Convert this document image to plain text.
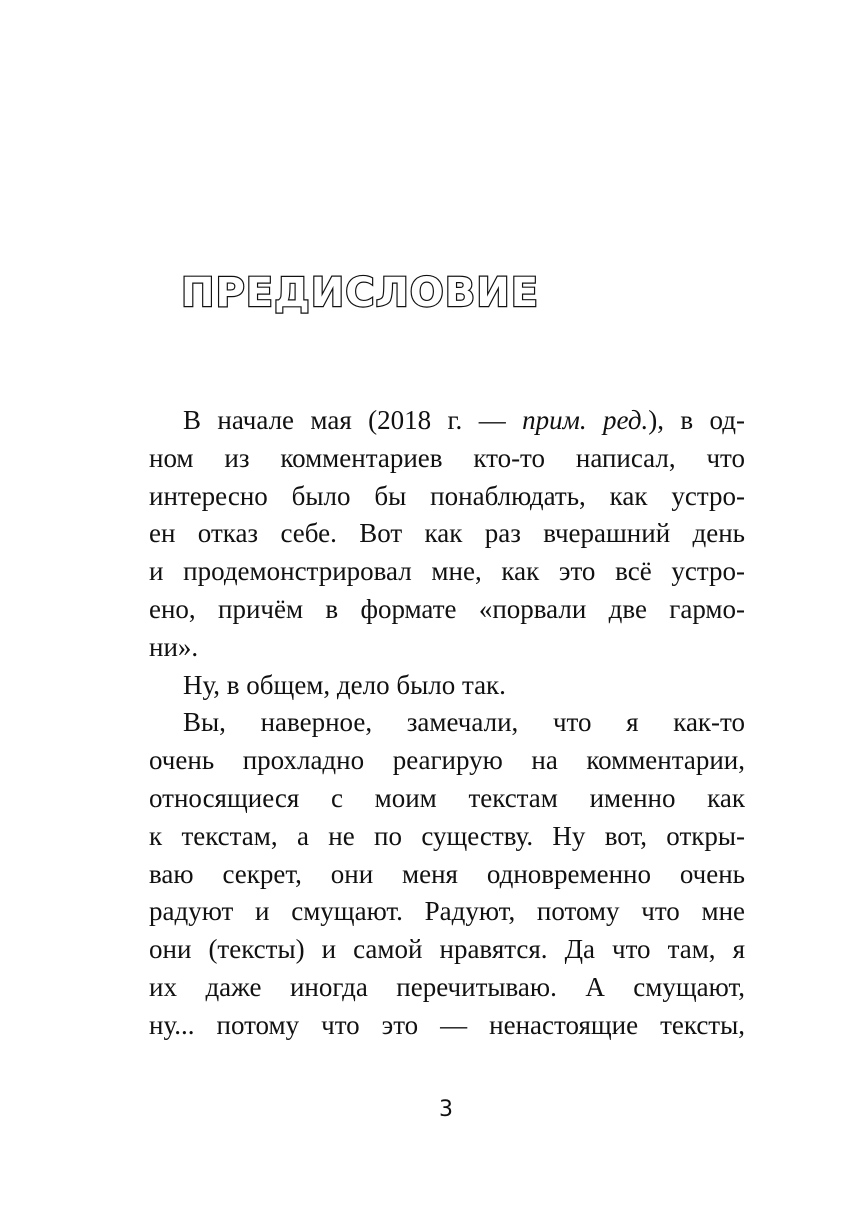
ПРЕДИСЛОВИЕ
В начале мая (2018 г. — прим. ред.), в од-
ном из комментариев кто-то написал, что
интересно было бы понаблюдать, как устро-
ен отказ себе. Вот как раз вчерашний день
и продемонстрировал мне, как это всё устро-
ено, причём в формате «порвали две гармо-
ни».
Ну, в общем, дело было так.
Вы, наверное, замечали, что я как-то
очень прохладно реагирую на комментарии,
относящиеся с моим текстам именно как
к текстам, а не по существу. Ну вот, откры-
ваю секрет, они меня одновременно очень
радуют и смущают. Радуют, потому что мне
они (тексты) и самой нравятся. Да что там, я
их даже иногда перечитываю. А смущают,
ну... потому что это — ненастоящие тексты,
3
